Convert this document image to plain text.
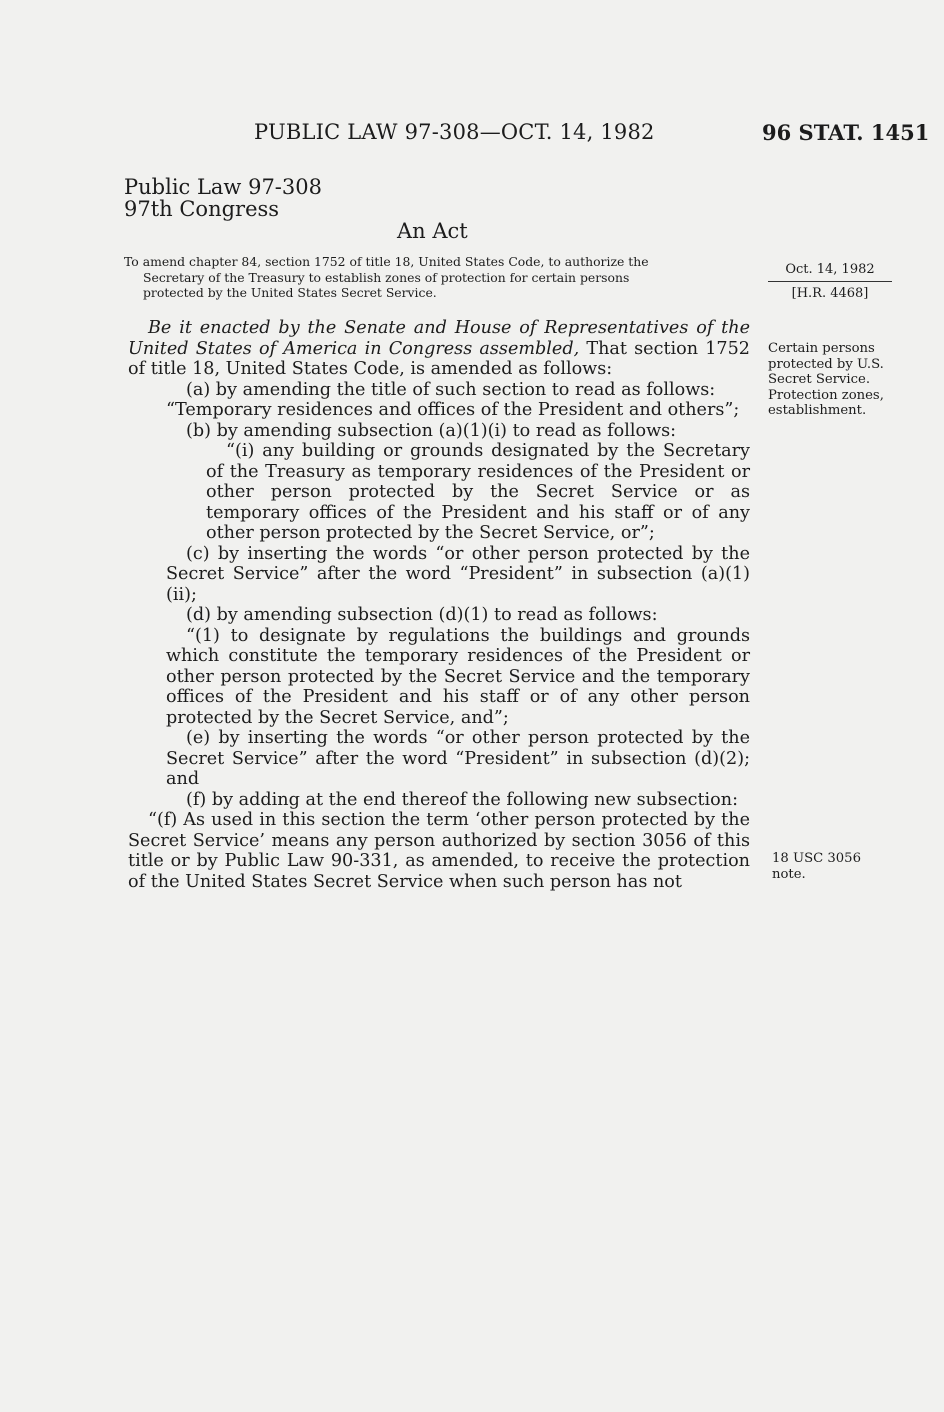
PUBLIC LAW 97-308—OCT. 14, 1982	96 STAT. 1451
Public Law 97-308
97th Congress
An Act
To amend chapter 84, section 1752 of title 18, United States Code, to authorize the
Secretary of the Treasury to establish zones of protection for certain persons
protected by the United States Secret Service.
Oct. 14, 1982
[H.R. 4468]
Certain persons
protected by U.S.
Secret Service.
Protection zones,
establishment.
18 USC 3056
note.

Be it enacted by the Senate and House of Representatives of the United States of America in Congress assembled, That section 1752 of title 18, United States Code, is amended as follows:

(a) by amending the title of such section to read as follows:

“Temporary residences and offices of the President and others”;

(b) by amending subsection (a)(1)(i) to read as follows:

“(i) any building or grounds designated by the Secretary of the Treasury as temporary residences of the President or other person protected by the Secret Service or as temporary offices of the President and his staff or of any other person protected by the Secret Service, or”;

(c) by inserting the words “or other person protected by the Secret Service” after the word “President” in subsection (a)(1)(ii);

(d) by amending subsection (d)(1) to read as follows:

“(1) to designate by regulations the buildings and grounds which constitute the temporary residences of the President or other person protected by the Secret Service and the temporary offices of the President and his staff or of any other person protected by the Secret Service, and”;

(e) by inserting the words “or other person protected by the Secret Service” after the word “President” in subsection (d)(2); and

(f) by adding at the end thereof the following new subsection:

“(f) As used in this section the term ‘other person protected by the Secret Service’ means any person authorized by section 3056 of this title or by Public Law 90-331, as amended, to receive the protection of the United States Secret Service when such person has not
